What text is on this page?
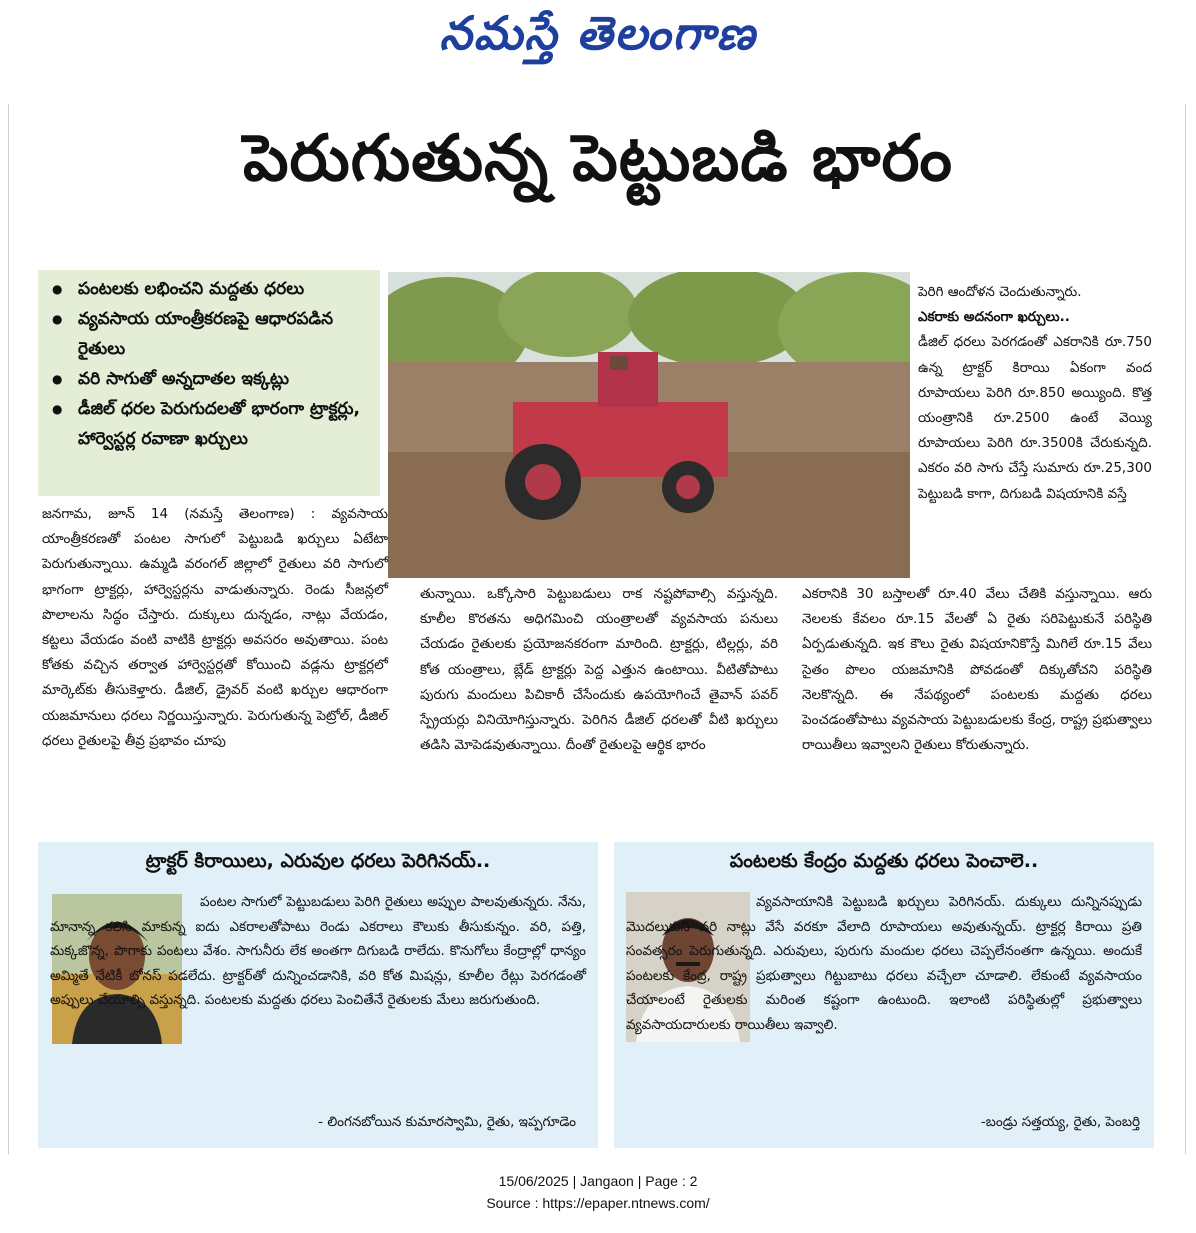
నమస్తే తెలంగాణ
పెరుగుతున్న పెట్టుబడి భారం
● పంటలకు లభించని మద్దతు ధరలు
● వ్యవసాయ యాంత్రీకరణపై ఆధారపడిన రైతులు
● వరి సాగుతో అన్నదాతల ఇక్కట్లు
● డీజిల్ ధరల పెరుగుదలతో భారంగా ట్రాక్టర్లు, హార్వెస్టర్ల రవాణా ఖర్చులు
జనగామ, జూన్ 14 (నమస్తే తెలంగాణ) : వ్యవసాయ యాంత్రీకరణతో పంటల సాగులో పెట్టుబడి ఖర్చులు ఏటేటా పెరుగుతున్నాయి. ఉమ్మడి వరంగల్ జిల్లాలో రైతులు వరి సాగులో భాగంగా ట్రాక్టర్లు, హార్వెస్టర్లను వాడుతున్నారు. రెండు సీజన్లలో పొలాలను సిద్ధం చేస్తారు. దుక్కులు దున్నడం, నాట్లు వేయడం, కట్టలు వేయడం వంటి వాటికి ట్రాక్టర్లు అవసరం అవుతాయి. పంట కోతకు వచ్చిన తర్వాత హార్వెస్టర్లతో కోయించి వడ్లను ట్రాక్టర్లలో మార్కెట్‌కు తీసుకెళ్తారు. డీజిల్, డ్రైవర్ వంటి ఖర్చుల ఆధారంగా యజమానులు ధరలు నిర్ణయిస్తున్నారు. పెరుగుతున్న పెట్రోల్, డీజిల్ ధరలు రైతులపై తీవ్ర ప్రభావం చూపు
తున్నాయి. ఒక్కోసారి పెట్టుబడులు రాక నష్టపోవాల్సి వస్తున్నది. కూలీల కొరతను అధిగమించి యంత్రాలతో వ్యవసాయ పనులు చేయడం రైతులకు ప్రయోజనకరంగా మారింది. ట్రాక్టర్లు, టిల్లర్లు, వరి కోత యంత్రాలు, బ్లేడ్ ట్రాక్టర్లు పెద్ద ఎత్తున ఉంటాయి. వీటితోపాటు పురుగు మందులు పిచికారీ చేసేందుకు ఉపయోగించే తైవాన్ పవర్ స్ప్రేయర్లు వినియోగిస్తున్నారు. పెరిగిన డీజిల్ ధరలతో వీటి ఖర్చులు తడిసి మోపెడవుతున్నాయి. దీంతో రైతులపై ఆర్థిక భారం
పెరిగి ఆందోళన చెందుతున్నారు.
ఎకరాకు అదనంగా ఖర్చులు..
డీజిల్ ధరలు పెరగడంతో ఎకరానికి రూ.750 ఉన్న ట్రాక్టర్ కిరాయి ఏకంగా వంద రూపాయలు పెరిగి రూ.850 అయ్యింది. కొత్త యంత్రానికి రూ.2500 ఉంటే వెయ్యి రూపాయలు పెరిగి రూ.3500కి చేరుకున్నది. ఎకరం వరి సాగు చేస్తే సుమారు రూ.25,300 పెట్టుబడి కాగా, దిగుబడి విషయానికి వస్తే
ఎకరానికి 30 బస్తాలతో రూ.40 వేలు చేతికి వస్తున్నాయి. ఆరు నెలలకు కేవలం రూ.15 వేలతో ఏ రైతు సరిపెట్టుకునే పరిస్థితి ఏర్పడుతున్నది. ఇక కౌలు రైతు విషయానికొస్తే మిగిలే రూ.15 వేలు సైతం పొలం యజమానికి పోవడంతో దిక్కుతోచని పరిస్థితి నెలకొన్నది. ఈ నేపథ్యంలో పంటలకు మద్దతు ధరలు పెంచడంతోపాటు వ్యవసాయ పెట్టుబడులకు కేంద్ర, రాష్ట్ర ప్రభుత్వాలు రాయితీలు ఇవ్వాలని రైతులు కోరుతున్నారు.
ట్రాక్టర్ కిరాయిలు, ఎరువుల ధరలు పెరిగినయ్..
పంటల సాగులో పెట్టుబడులు పెరిగి రైతులు అప్పుల పాలవుతున్నరు. నేను, మానాన్న కలిసి మాకున్న ఐదు ఎకరాలతోపాటు రెండు ఎకరాలు కౌలుకు తీసుకున్నం. వరి, పత్తి, మక్కజొన్న, పొగాకు పంటలు వేశం. సాగునీరు లేక అంతగా దిగుబడి రాలేదు. కొనుగోలు కేంద్రాల్లో ధాన్యం అమ్మితే నేటికీ బోనస్ పడలేదు. ట్రాక్టర్‌తో దున్నించడానికి, వరి కోత మిషన్లు, కూలీల రేట్లు పెరగడంతో అప్పులు చేయాల్సి వస్తున్నది. పంటలకు మద్దతు ధరలు పెంచితేనే రైతులకు మేలు జరుగుతుంది.
- లింగనబోయిన కుమారస్వామి, రైతు, ఇప్పగూడెం
పంటలకు కేంద్రం మద్దతు ధరలు పెంచాలె..
వ్యవసాయానికి పెట్టుబడి ఖర్చులు పెరిగినయ్. దుక్కులు దున్నినప్పుడు మొదలుకుని వరి నాట్లు వేసే వరకూ వేలాది రూపాయలు అవుతున్నయ్. ట్రాక్టర్ల కిరాయి ప్రతి సంవత్సరం పెరుగుతున్నది. ఎరువులు, పురుగు మందుల ధరలు చెప్పలేనంతగా ఉన్నయి. అందుకే పంటలకు కేంద్ర, రాష్ట్ర ప్రభుత్వాలు గిట్టుబాటు ధరలు వచ్చేలా చూడాలి. లేకుంటే వ్యవసాయం చేయాలంటే రైతులకు మరింత కష్టంగా ఉంటుంది. ఇలాంటి పరిస్థితుల్లో ప్రభుత్వాలు వ్యవసాయదారులకు రాయితీలు ఇవ్వాలి.
-బండ్రు సత్తయ్య, రైతు, పెంబర్తి
15/06/2025 | Jangaon | Page : 2
Source : https://epaper.ntnews.com/
